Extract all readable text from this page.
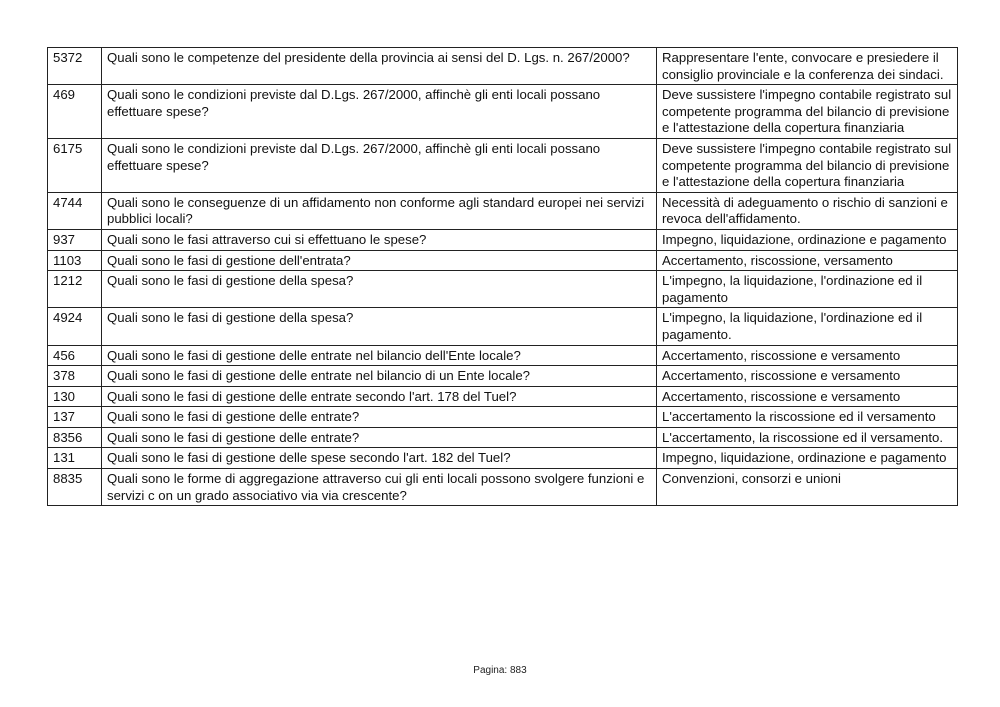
5372	Quali sono le competenze del presidente della provincia ai sensi del D. Lgs. n. 267/2000?	Rappresentare l'ente, convocare e presiedere il consiglio provinciale e la conferenza dei sindaci.
469	Quali sono le condizioni previste dal D.Lgs. 267/2000, affinchè gli enti locali possano effettuare spese?	Deve sussistere l'impegno contabile registrato sul competente programma del bilancio di previsione e l'attestazione della copertura finanziaria
6175	Quali sono le condizioni previste dal D.Lgs. 267/2000, affinchè gli enti locali possano effettuare spese?	Deve sussistere l'impegno contabile registrato sul competente programma del bilancio di previsione e l'attestazione della copertura finanziaria
4744	Quali sono le conseguenze di un affidamento non conforme agli standard europei nei servizi pubblici locali?	Necessità di adeguamento o rischio di sanzioni e revoca dell'affidamento.
937	Quali sono le fasi attraverso cui si effettuano le spese?	Impegno, liquidazione, ordinazione e pagamento
1103	Quali sono le fasi di gestione dell'entrata?	Accertamento, riscossione, versamento
1212	Quali sono le fasi di gestione della spesa?	L'impegno, la liquidazione, l'ordinazione ed il pagamento
4924	Quali sono le fasi di gestione della spesa?	L'impegno, la liquidazione, l'ordinazione ed il pagamento.
456	Quali sono le fasi di gestione delle entrate nel bilancio dell'Ente locale?	Accertamento, riscossione e versamento
378	Quali sono le fasi di gestione delle entrate nel bilancio di un Ente locale?	Accertamento, riscossione e versamento
130	Quali sono le fasi di gestione delle entrate secondo l'art. 178 del Tuel?	Accertamento, riscossione e versamento
137	Quali sono le fasi di gestione delle entrate?	L'accertamento la riscossione ed il versamento
8356	Quali sono le fasi di gestione delle entrate?	L'accertamento, la riscossione ed il versamento.
131	Quali sono le fasi di gestione delle spese secondo l'art. 182 del Tuel?	Impegno, liquidazione, ordinazione e pagamento
8835	Quali sono le forme di aggregazione attraverso cui gli enti locali possono svolgere funzioni e servizi c on un grado associativo via via crescente?	Convenzioni, consorzi e unioni
Pagina: 883
